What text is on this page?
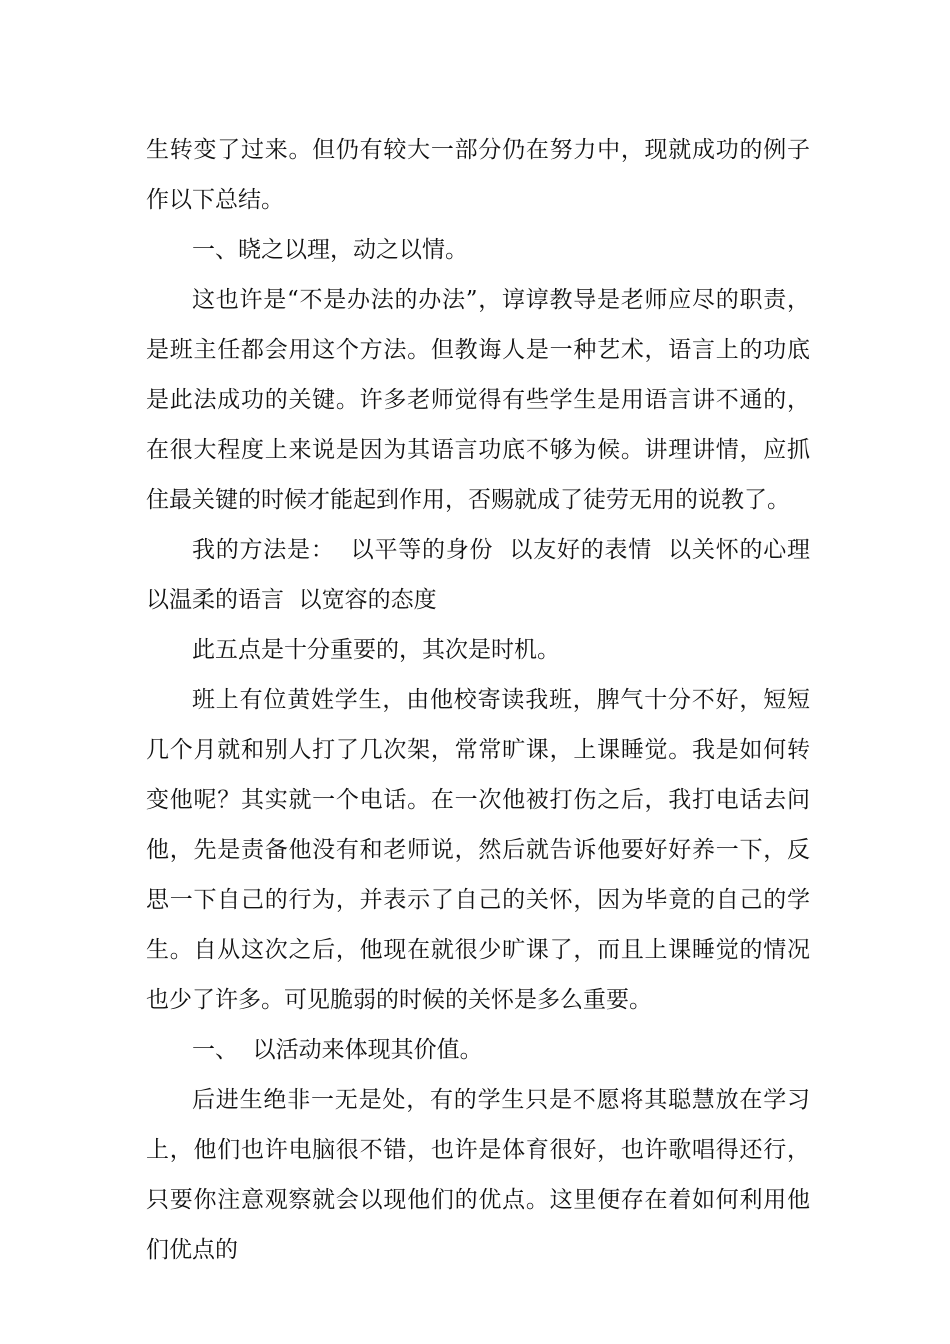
生转变了过来。但仍有较大一部分仍在努力中，现就成功的例子作以下总结。

一、晓之以理，动之以情。

这也许是“不是办法的办法”，谆谆教导是老师应尽的职责，是班主任都会用这个方法。但教诲人是一种艺术，语言上的功底是此法成功的关键。许多老师觉得有些学生是用语言讲不通的，在很大程度上来说是因为其语言功底不够为候。讲理讲情，应抓住最关键的时候才能起到作用，否赐就成了徒劳无用的说教了。

我的方法是：  以平等的身份  以友好的表情  以关怀的心理  以温柔的语言  以宽容的态度

此五点是十分重要的，其次是时机。

班上有位黄姓学生，由他校寄读我班，脾气十分不好，短短几个月就和别人打了几次架，常常旷课，上课睡觉。我是如何转变他呢？其实就一个电话。在一次他被打伤之后，我打电话去问他，先是责备他没有和老师说，然后就告诉他要好好养一下，反思一下自己的行为，并表示了自己的关怀，因为毕竟的自己的学生。自从这次之后，他现在就很少旷课了，而且上课睡觉的情况也少了许多。可见脆弱的时候的关怀是多么重要。

一、  以活动来体现其价值。

后进生绝非一无是处，有的学生只是不愿将其聪慧放在学习上，他们也许电脑很不错，也许是体育很好，也许歌唱得还行，只要你注意观察就会以现他们的优点。这里便存在着如何利用他们优点的
